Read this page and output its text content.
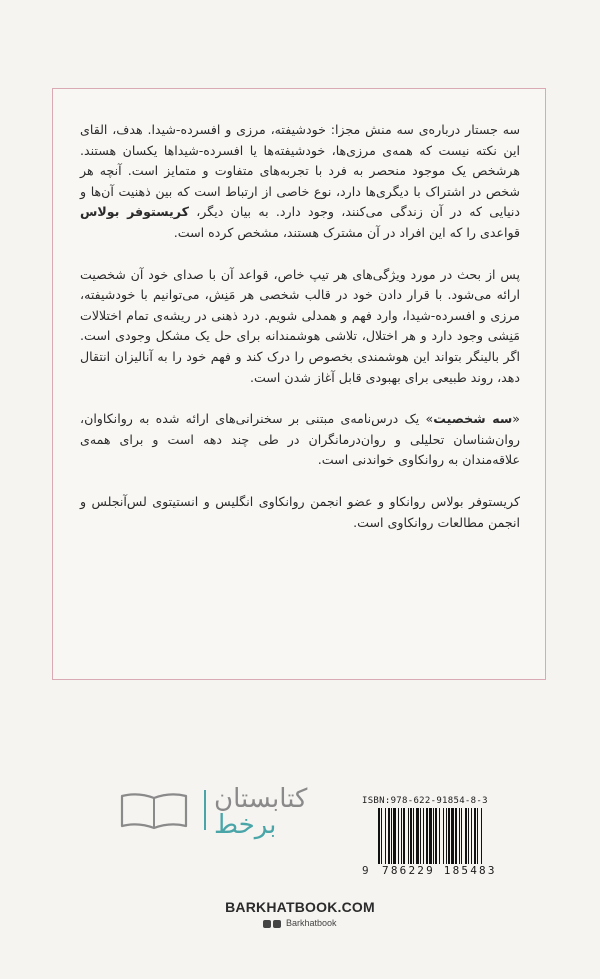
سه جستار درباره‌ی سه منش مجزا: خودشیفته، مرزی و افسرده-شیدا. هدف، القای این نکته نیست که همه‌ی مرزی‌ها، خودشیفته‌ها یا افسرده-شیداها یکسان هستند. هرشخص یک موجود منحصر به فرد با تجربه‌های متفاوت و متمایز است. آنچه هر شخص در اشتراک با دیگری‌ها دارد، نوع خاصی از ارتباط است که بین ذهنیت آن‌ها و دنیایی که در آن زندگی می‌کنند، وجود دارد. به بیان دیگر، کریستوفر بولاس قواعدی را که این افراد در آن مشترک هستند، مشخص کرده است.

پس از بحث در مورد ویژگی‌های هر تیپ خاص، قواعد آن با صدای خود آن شخصیت ارائه می‌شود. با قرار دادن خود در قالب شخصی هر مَنِش، می‌توانیم با خودشیفته، مرزی و افسرده-شیدا، وارد فهم و همدلی شویم. درد ذهنی در ریشه‌ی تمام اختلالات مَنِشی وجود دارد و هر اختلال، تلاشی هوشمندانه برای حل یک مشکل وجودی است. اگر بالینگر بتواند این هوشمندی بخصوص را درک کند و فهم خود را به آنالیزان انتقال دهد، روند طبیعی برای بهبودی قابل آغاز شدن است.

«سه شخصیت» یک درس‌نامه‌ی مبتنی بر سخنرانی‌های ارائه شده به روانکاوان، روان‌شناسان تحلیلی و روان‌درمانگران در طی چند دهه است و برای همه‌ی علاقه‌مندان به روانکاوی خواندنی است.

کریستوفر بولاس روانکاو و عضو انجمن روانکاوی انگلیس و انستیتوی لس‌آنجلس و انجمن مطالعات روانکاوی است.

کتابستان
برخط
ISBN:978-622-91854-8-3
9	786229 185483
BARKHATBOOK.COM
Barkhatbook
